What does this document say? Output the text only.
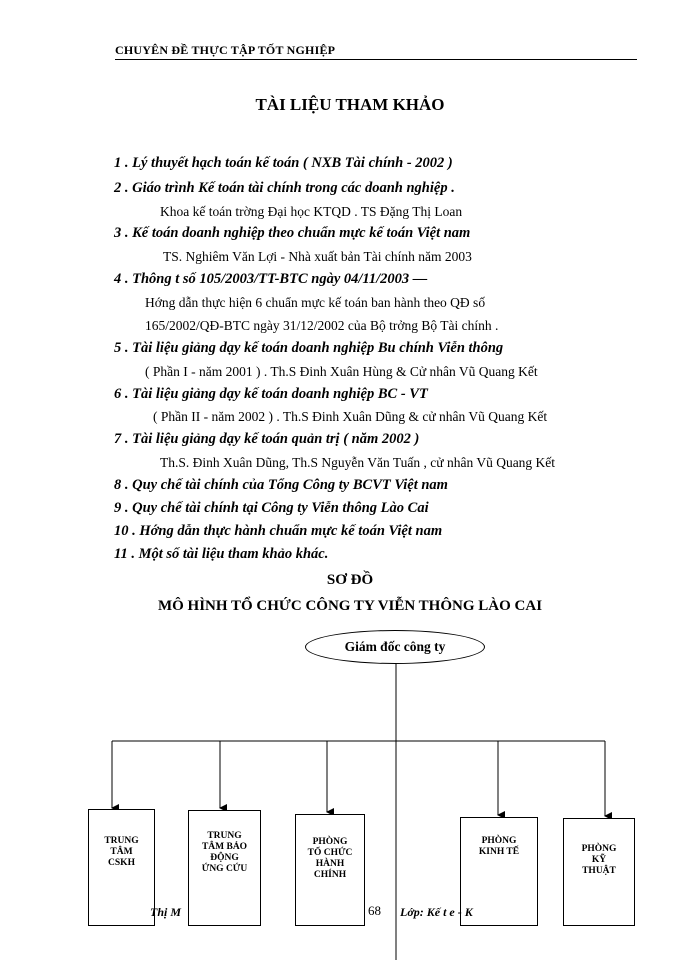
CHUYÊN ĐỀ THỰC TẬP TỐT NGHIỆP
TÀI LIỆU THAM KHẢO
1 . Lý thuyết hạch toán kế toán ( NXB Tài chính - 2002 )
2 . Giáo trình Kế toán tài chính trong các doanh nghiệp .
Khoa kế toán trờng Đại học KTQD . TS Đặng Thị Loan
3 . Kế toán doanh nghiệp theo chuẩn mực kế toán Việt nam
TS. Nghiêm Văn Lợi - Nhà xuất bản Tài chính năm 2003
4 . Thông t số 105/2003/TT-BTC ngày 04/11/2003 —
Hớng dẫn thực hiện 6 chuẩn mực kế toán ban hành theo QĐ số
165/2002/QĐ-BTC ngày 31/12/2002 của Bộ trởng Bộ Tài chính .
5 . Tài liệu giảng dạy kế toán doanh nghiệp Bu chính Viễn thông
( Phần I - năm 2001 ) . Th.S Đinh Xuân Hùng & Cử nhân Vũ Quang Kết
6 . Tài liệu giảng dạy kế toán doanh nghiệp BC - VT
( Phần II - năm 2002 ) . Th.S Đinh Xuân Dũng & cử nhân Vũ Quang Kết
7 . Tài liệu giảng dạy kế toán quản trị ( năm 2002 )
Th.S. Đinh Xuân Dũng, Th.S Nguyễn Văn Tuấn , cử nhân Vũ Quang Kết
8 . Quy chế tài chính của Tổng Công ty BCVT Việt nam
9 . Quy chế tài chính tại Công ty Viễn thông Lào Cai
10 . Hớng dẫn thực hành chuẩn mực kế toán Việt nam
11 . Một số tài liệu tham khảo khác.
SƠ ĐỒ
MÔ HÌNH TỔ CHỨC CÔNG TY VIỄN THÔNG LÀO CAI
Giám đốc công ty
TRUNG
TÂM
CSKH
TRUNG
TÂM BẢO
ĐỘNG
ỨNG CỨU
PHÒNG
TỔ CHỨC
HÀNH
CHÍNH
PHÒNG
KINH TẾ	PHÒNG
KỸ
THUẬT
Thị M	68 Lớp: Kế t e - K
